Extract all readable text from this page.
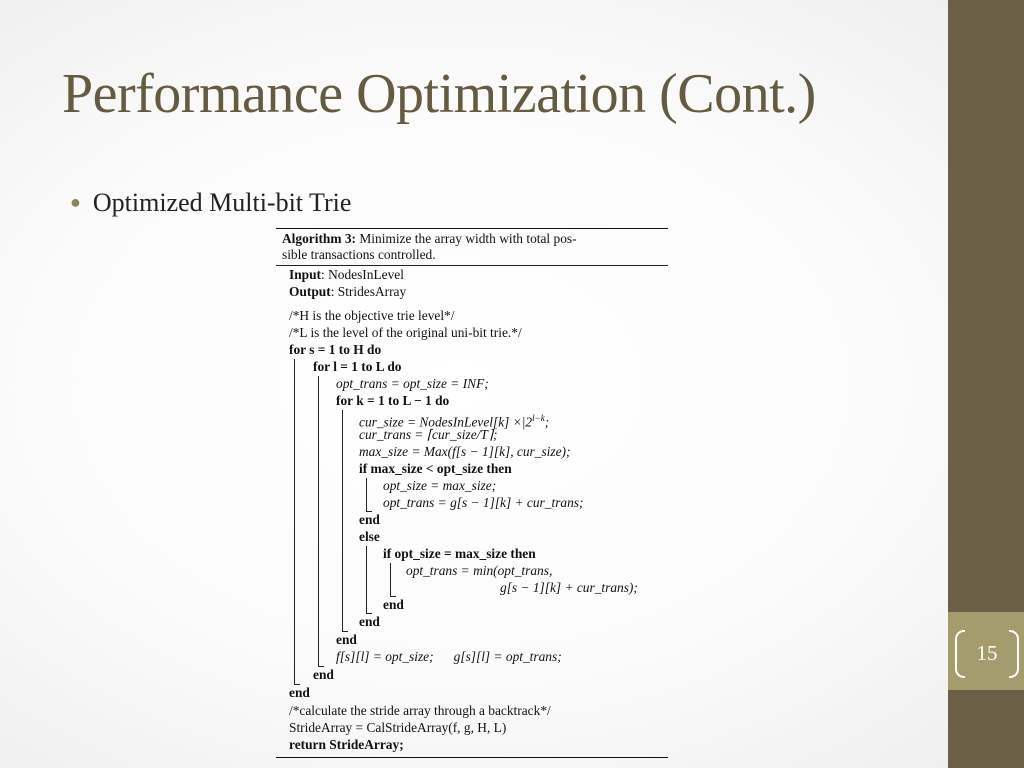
15
Performance Optimization (Cont.)
● Optimized Multi-bit Trie
Algorithm 3: Minimize the array width with total pos-
sible transactions controlled.
Input: NodesInLevel
Output: StridesArray
/*H is the objective trie level*/
/*L is the level of the original uni-bit trie.*/
for s = 1 to H do
for l = 1 to L do
opt_trans = opt_size = INF;
for k = 1 to L − 1 do
cur_size = NodesInLevel[k] $\times|2^{l-k}$;
cur_trans = ⌈cur_size/T⌉;
max_size = Max(f[s − 1][k], cur_size);
if max_size < opt_size then
opt_size = max_size;
opt_trans = g[s − 1][k] + cur_trans;
end
else
if opt_size = max_size then
opt_trans = min(opt_trans,
g[s − 1][k] + cur_trans);
end
end
end
f[s][l] = opt_size;      g[s][l] = opt_trans;
end
end
/*calculate the stride array through a backtrack*/
StrideArray = CalStrideArray(f, g, H, L)
return StrideArray;
